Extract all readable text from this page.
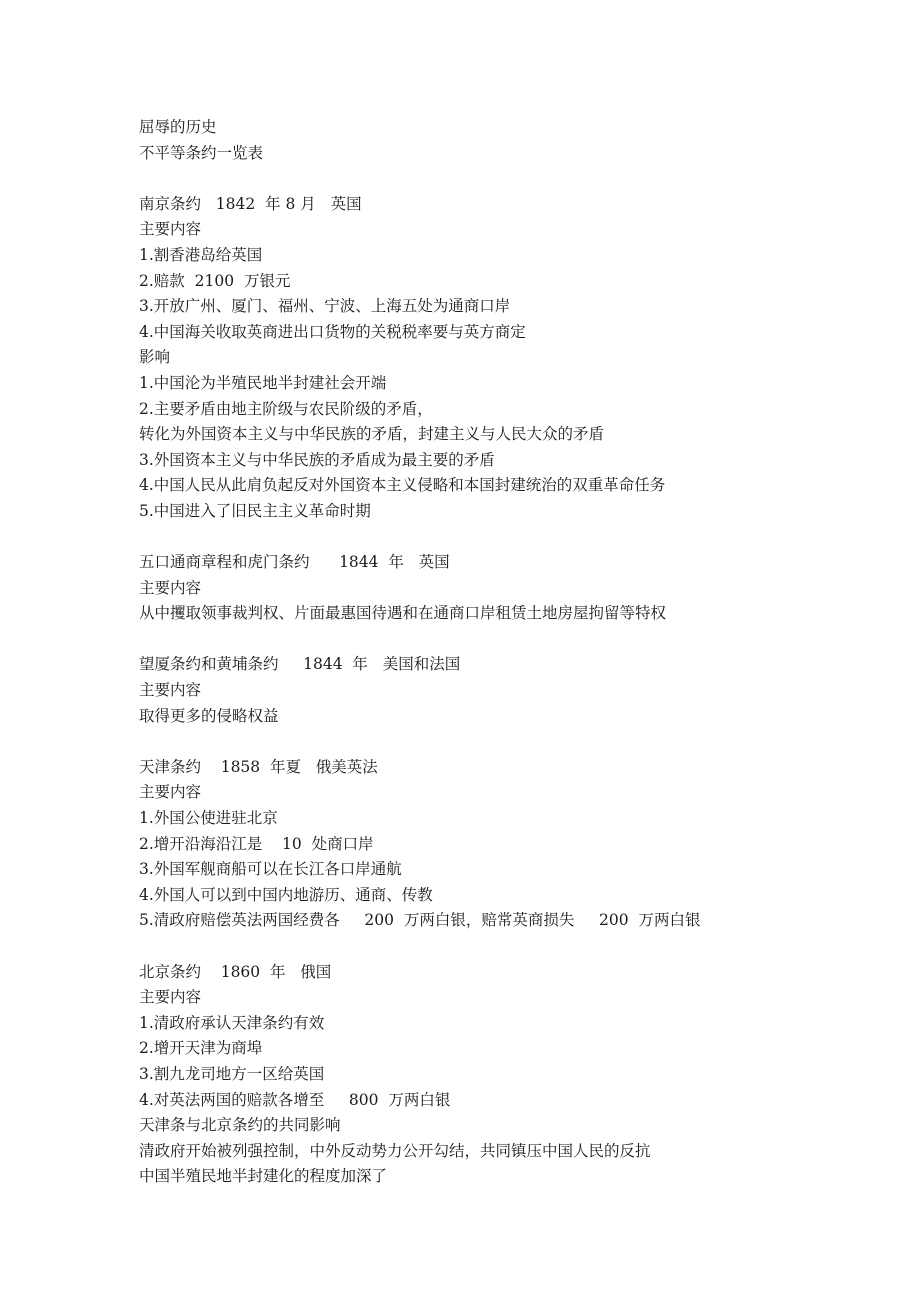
屈辱的历史

不平等条约一览表

南京条约   1842  年 8 月   英国

主要内容

1.割香港岛给英国

2.赔款  2100  万银元

3.开放广州、厦门、福州、宁波、上海五处为通商口岸

4.中国海关收取英商进出口货物的关税税率要与英方商定

影响

1.中国沦为半殖民地半封建社会开端

2.主要矛盾由地主阶级与农民阶级的矛盾，

转化为外国资本主义与中华民族的矛盾，封建主义与人民大众的矛盾

3.外国资本主义与中华民族的矛盾成为最主要的矛盾

4.中国人民从此肩负起反对外国资本主义侵略和本国封建统治的双重革命任务

5.中国进入了旧民主主义革命时期

五口通商章程和虎门条约      1844  年   英国

主要内容

从中攫取领事裁判权、片面最惠国待遇和在通商口岸租赁土地房屋拘留等特权

望厦条约和黄埔条约     1844  年   美国和法国

主要内容

取得更多的侵略权益

天津条约    1858  年夏   俄美英法

主要内容

1.外国公使进驻北京

2.增开沿海沿江是    10  处商口岸

3.外国军舰商船可以在长江各口岸通航

4.外国人可以到中国内地游历、通商、传教

5.清政府赔偿英法两国经费各     200  万两白银，赔常英商损失     200  万两白银

北京条约    1860  年   俄国

主要内容

1.清政府承认天津条约有效

2.增开天津为商埠

3.割九龙司地方一区给英国

4.对英法两国的赔款各增至     800  万两白银

天津条与北京条约的共同影响

清政府开始被列强控制，中外反动势力公开勾结，共同镇压中国人民的反抗

中国半殖民地半封建化的程度加深了
